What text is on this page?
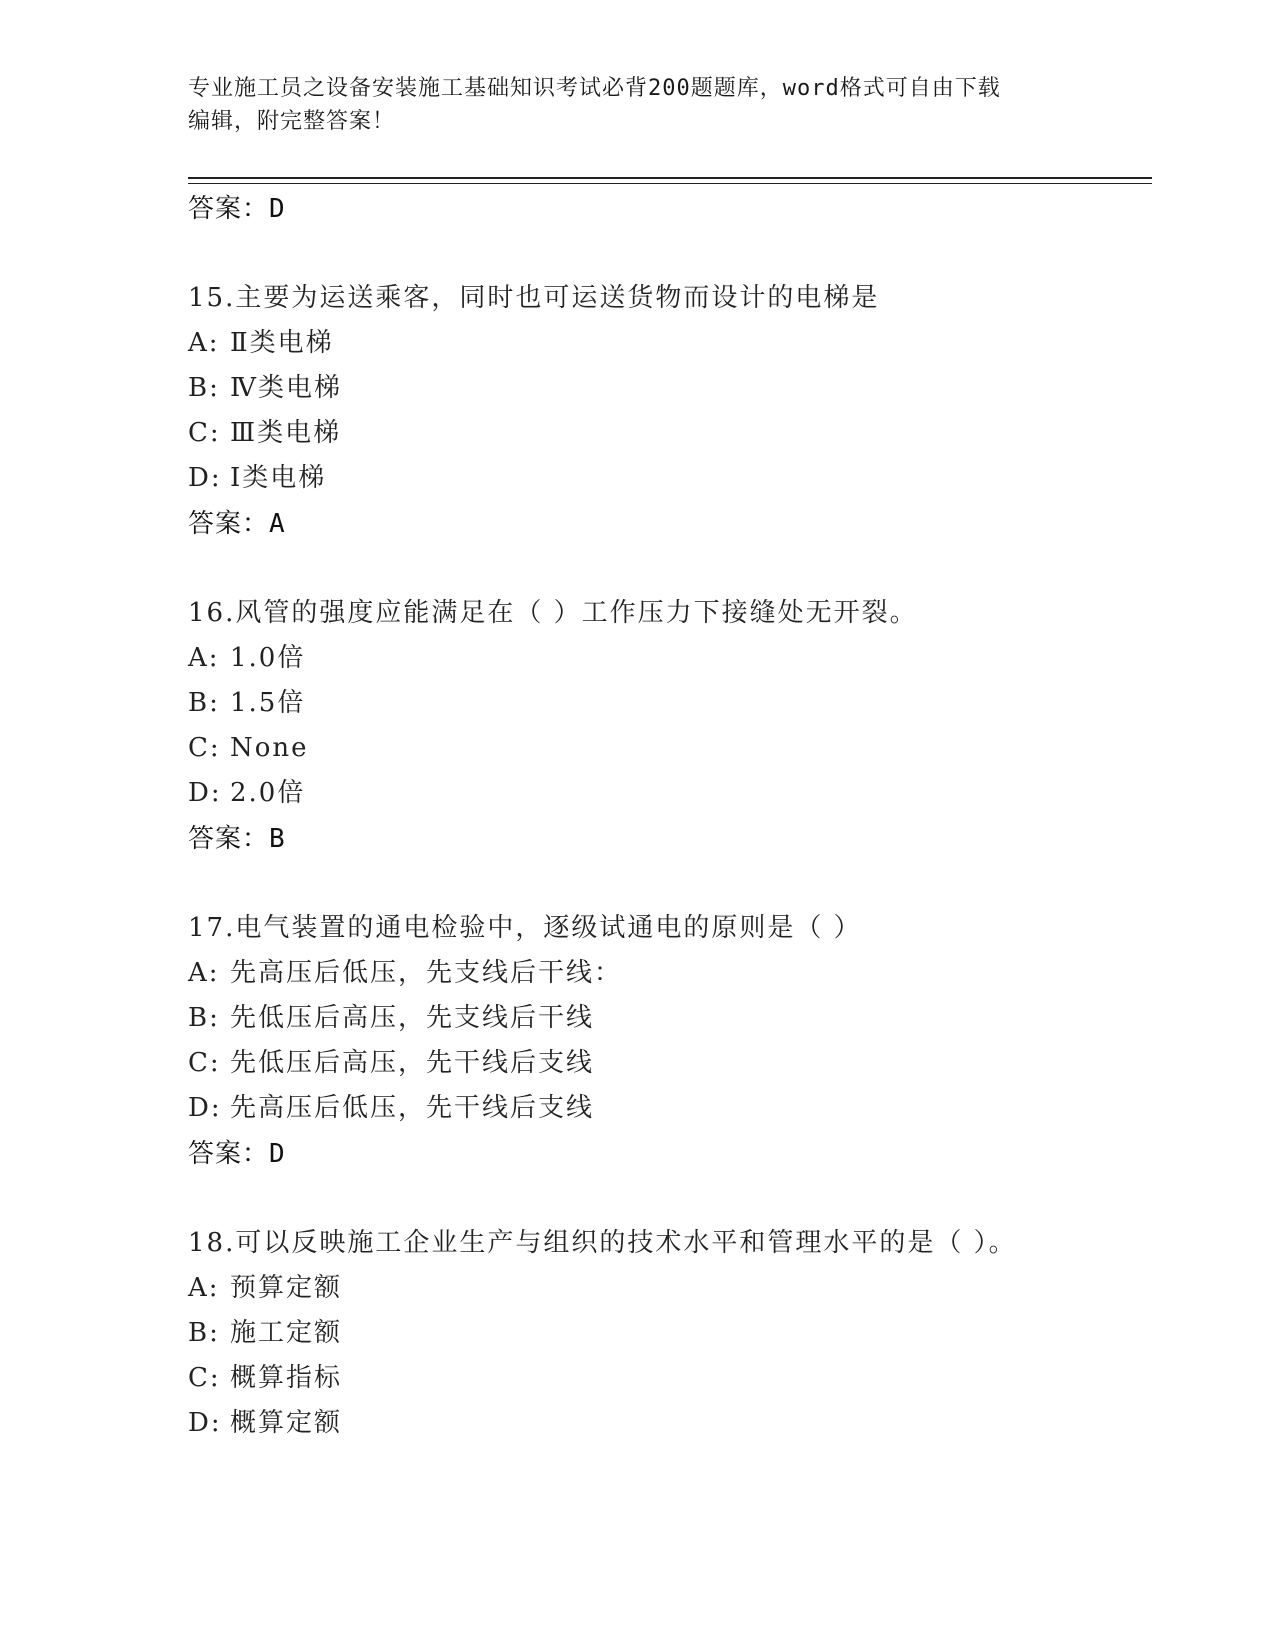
专业施工员之设备安装施工基础知识考试必背200题题库，word格式可自由下载
编辑，附完整答案！
答案：D
15.主要为运送乘客，同时也可运送货物而设计的电梯是
A: Ⅱ类电梯
B: Ⅳ类电梯
C: Ⅲ类电梯
D: Ⅰ类电梯
答案：A
16.风管的强度应能满足在（ ）工作压力下接缝处无开裂。
A: 1.0倍
B: 1.5倍
C: None
D: 2.0倍
答案：B
17.电气装置的通电检验中，逐级试通电的原则是（ ）
A: 先高压后低压，先支线后干线：
B: 先低压后高压，先支线后干线
C: 先低压后高压，先干线后支线
D: 先高压后低压，先干线后支线
答案：D
18.可以反映施工企业生产与组织的技术水平和管理水平的是（ ）。
A: 预算定额
B: 施工定额
C: 概算指标
D: 概算定额
